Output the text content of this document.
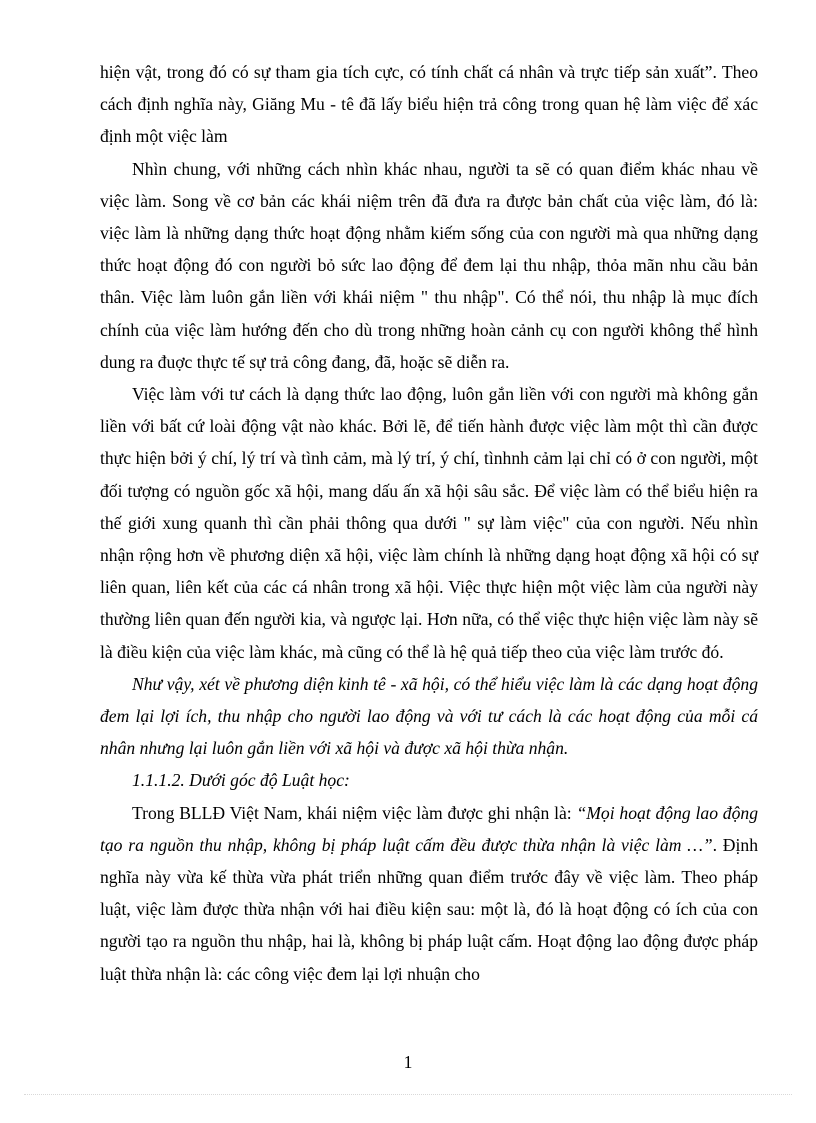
hiện vật, trong đó có sự tham gia tích cực, có tính chất cá nhân và trực tiếp sản xuất”. Theo cách định nghĩa này, Giăng Mu - tê đã lấy biểu hiện trả công trong quan hệ làm việc để xác định một việc làm

Nhìn chung, với những cách nhìn khác nhau, người ta sẽ có quan điểm khác nhau về việc làm. Song về cơ bản các khái niệm trên đã đưa ra được bản chất của việc làm, đó là: việc làm là những dạng thức hoạt động nhằm kiếm sống của con người mà qua những dạng thức hoạt động đó con người bỏ sức lao động để đem lại thu nhập, thỏa mãn nhu cầu bản thân. Việc làm luôn gắn liền với khái niệm " thu nhập". Có thể nói, thu nhập là mục đích chính của việc làm hướng đến cho dù trong những hoàn cảnh cụ con người không thể hình dung ra đuợc thực tế sự trả công đang, đã, hoặc sẽ diễn ra.

Việc làm với tư cách là dạng thức lao động, luôn gắn liền với con người mà không gắn liền với bất cứ loài động vật nào khác. Bởi lẽ, để tiến hành được việc làm một thì cần được thực hiện bởi ý chí, lý trí và tình cảm, mà lý trí, ý chí, tìnhnh cảm lại chỉ có ở con người, một đối tượng có nguồn gốc xã hội, mang dấu ấn xã hội sâu sắc. Để việc làm có thể biểu hiện ra thế giới xung quanh thì cần phải thông qua dưới " sự làm việc" của con người. Nếu nhìn nhận rộng hơn về phương diện xã hội, việc làm chính là những dạng hoạt động xã hội có sự liên quan, liên kết của các cá nhân trong xã hội. Việc thực hiện một việc làm của người này thường liên quan đến người kia, và ngược lại. Hơn nữa, có thể việc thực hiện việc làm này sẽ là điều kiện của việc làm khác, mà cũng có thể là hệ quả tiếp theo của việc làm trước đó.

Như vậy, xét về phương diện kinh tê - xã hội, có thể hiểu việc làm là các dạng hoạt động đem lại lợi ích, thu nhập cho người lao động và với tư cách là các hoạt động của mỗi cá nhân nhưng lại luôn gắn liền với xã hội và được xã hội thừa nhận.

1.1.1.2. Dưới góc độ Luật học:

Trong BLLĐ Việt Nam, khái niệm việc làm được ghi nhận là: “Mọi hoạt động lao động tạo ra nguồn thu nhập, không bị pháp luật cấm đều được thừa nhận là việc làm …”. Định nghĩa này vừa kế thừa vừa phát triển những quan điểm trước đây về việc làm. Theo pháp luật, việc làm được thừa nhận với hai điều kiện sau: một là, đó là hoạt động có ích của con người tạo ra nguồn thu nhập, hai là, không bị pháp luật cấm. Hoạt động lao động được pháp luật thừa nhận là: các công việc đem lại lợi nhuận cho

1
